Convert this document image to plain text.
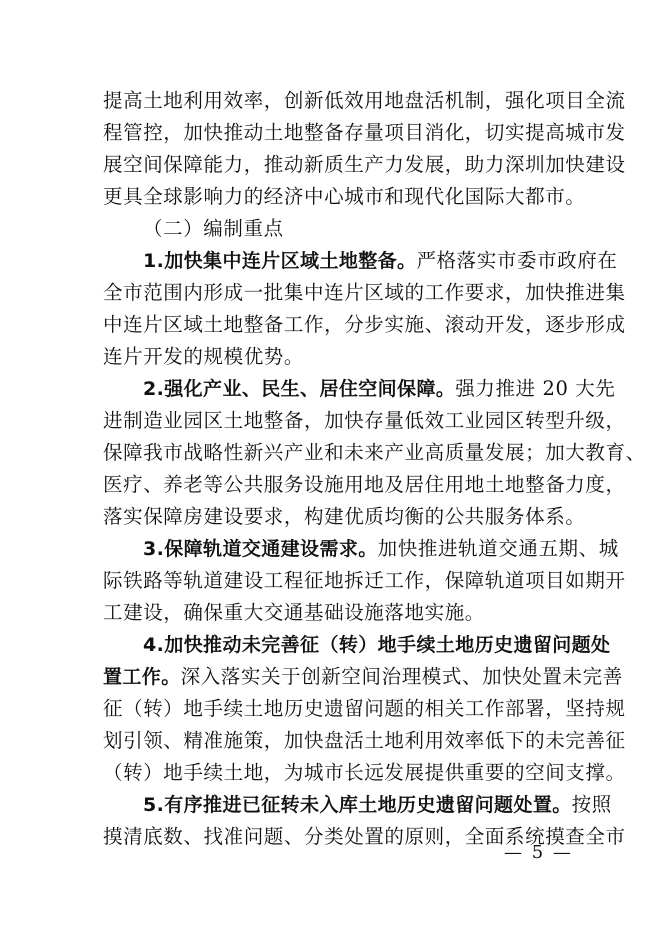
提高土地利用效率，创新低效用地盘活机制，强化项目全流
程管控，加快推动土地整备存量项目消化，切实提高城市发
展空间保障能力，推动新质生产力发展，助力深圳加快建设
更具全球影响力的经济中心城市和现代化国际大都市。
（二）编制重点
1.加快集中连片区域土地整备。严格落实市委市政府在
全市范围内形成一批集中连片区域的工作要求，加快推进集
中连片区域土地整备工作，分步实施、滚动开发，逐步形成
连片开发的规模优势。
2.强化产业、民生、居住空间保障。强力推进 20 大先
进制造业园区土地整备，加快存量低效工业园区转型升级，
保障我市战略性新兴产业和未来产业高质量发展；加大教育、
医疗、养老等公共服务设施用地及居住用地土地整备力度，
落实保障房建设要求，构建优质均衡的公共服务体系。
3.保障轨道交通建设需求。加快推进轨道交通五期、城
际铁路等轨道建设工程征地拆迁工作，保障轨道项目如期开
工建设，确保重大交通基础设施落地实施。
4.加快推动未完善征（转）地手续土地历史遗留问题处
置工作。深入落实关于创新空间治理模式、加快处置未完善
征（转）地手续土地历史遗留问题的相关工作部署，坚持规
划引领、精准施策，加快盘活土地利用效率低下的未完善征
（转）地手续土地，为城市长远发展提供重要的空间支撑。
5.有序推进已征转未入库土地历史遗留问题处置。按照
摸清底数、找准问题、分类处置的原则，全面系统摸查全市
— 5 —
